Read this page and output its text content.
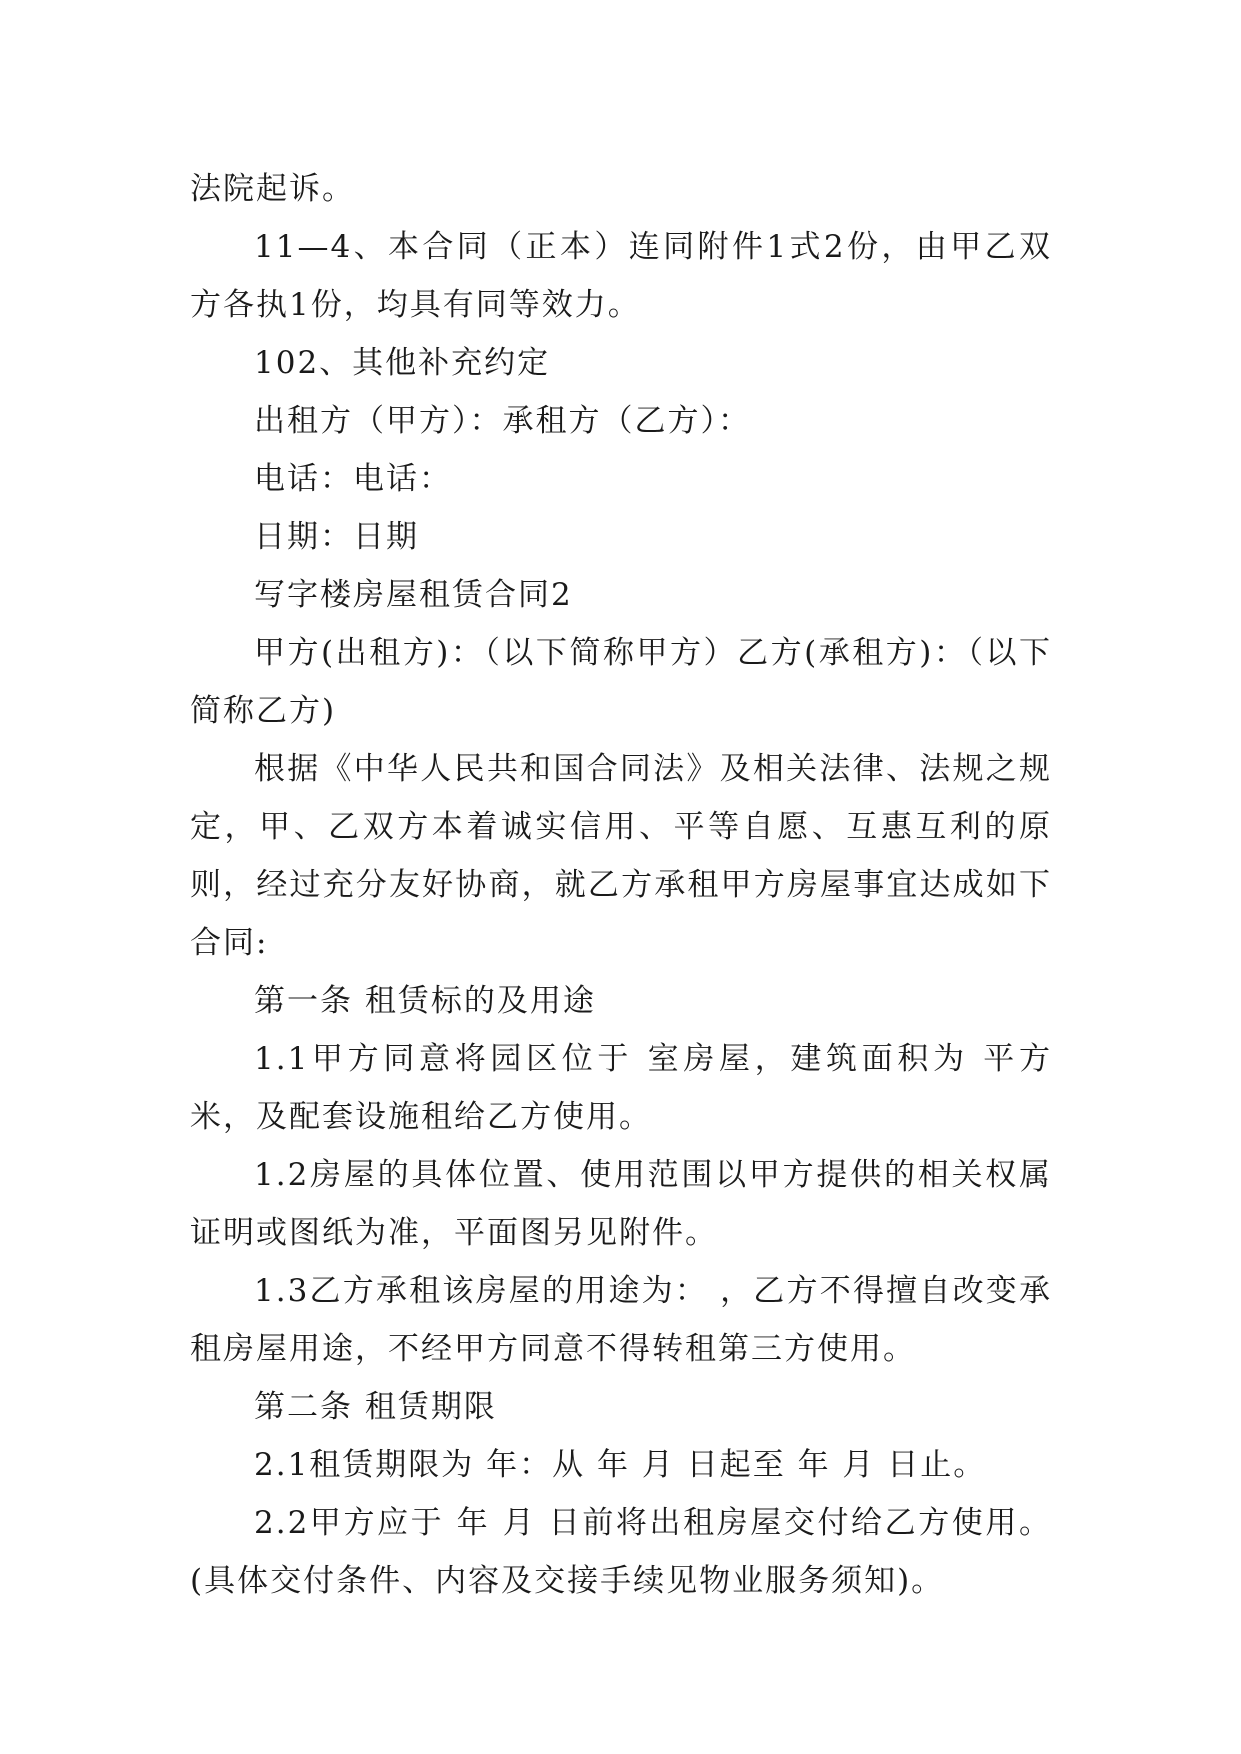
法院起诉。

11—4、本合同（正本）连同附件1式2份，由甲乙双方各执1份，均具有同等效力。

102、其他补充约定

出租方（甲方）：承租方（乙方）：

电话：电话：

日期：日期

写字楼房屋租赁合同2

甲方(出租方)：（以下简称甲方）乙方(承租方)：（以下简称乙方)

根据《中华人民共和国合同法》及相关法律、法规之规定，甲、乙双方本着诚实信用、平等自愿、互惠互利的原则，经过充分友好协商，就乙方承租甲方房屋事宜达成如下合同:

第一条 租赁标的及用途

1.1甲方同意将园区位于 室房屋，建筑面积为 平方米，及配套设施租给乙方使用。

1.2房屋的具体位置、使用范围以甲方提供的相关权属证明或图纸为准，平面图另见附件。

1.3乙方承租该房屋的用途为： ，乙方不得擅自改变承租房屋用途，不经甲方同意不得转租第三方使用。

第二条 租赁期限

2.1租赁期限为 年：从 年 月 日起至 年 月 日止。

2.2甲方应于 年 月 日前将出租房屋交付给乙方使用。(具体交付条件、内容及交接手续见物业服务须知)。
